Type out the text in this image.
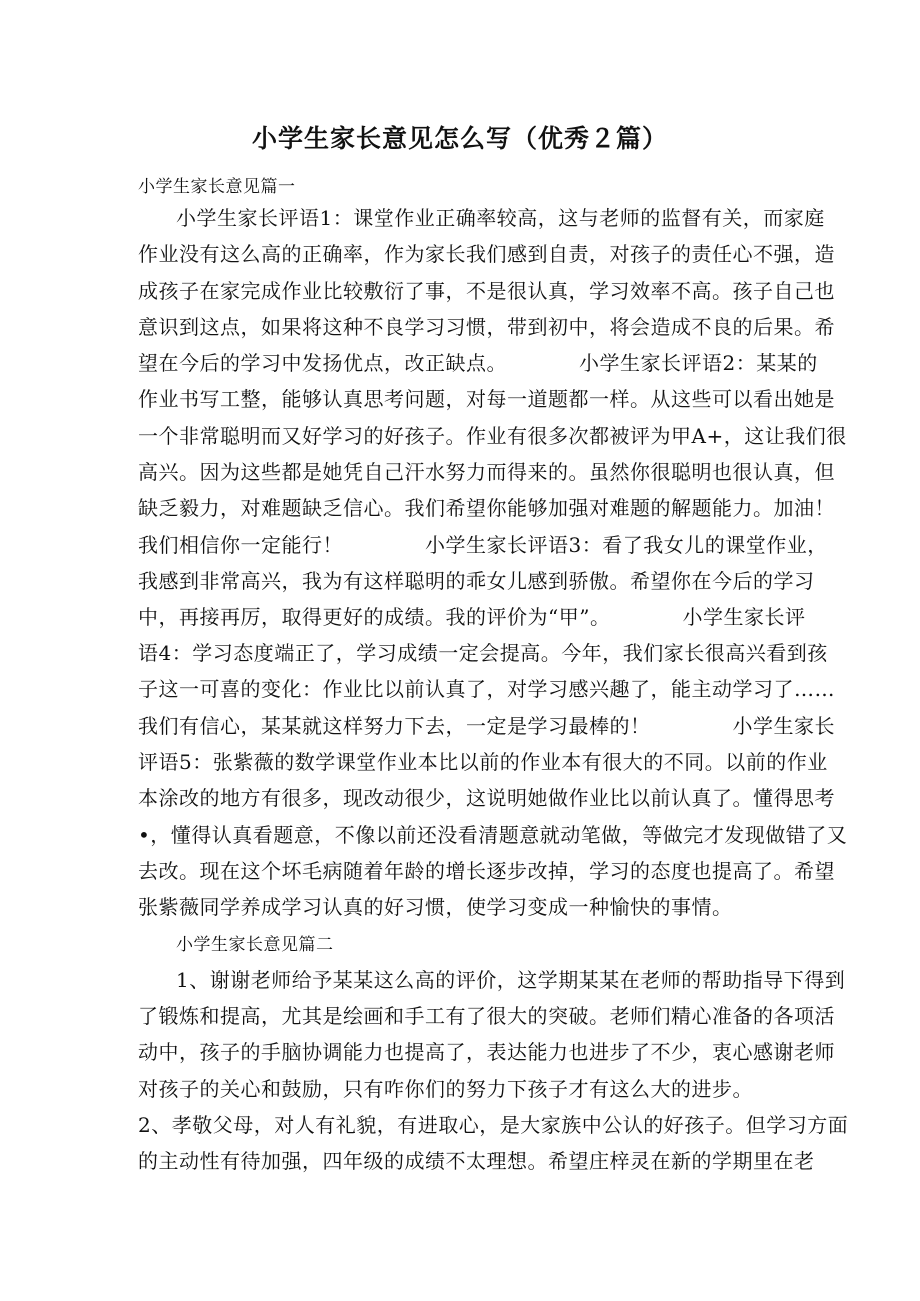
小学生家长意见怎么写（优秀２篇）
小学生家长意见篇一
小学生家长评语1：课堂作业正确率较高，这与老师的监督有关，而家庭
作业没有这么高的正确率，作为家长我们感到自责，对孩子的责任心不强，造
成孩子在家完成作业比较敷衍了事，不是很认真，学习效率不高。孩子自己也
意识到这点，如果将这种不良学习习惯，带到初中，将会造成不良的后果。希
望在今后的学习中发扬优点，改正缺点。　　　　小学生家长评语2：某某的
作业书写工整，能够认真思考问题，对每一道题都一样。从这些可以看出她是
一个非常聪明而又好学习的好孩子。作业有很多次都被评为甲A+，这让我们很
高兴。因为这些都是她凭自己汗水努力而得来的。虽然你很聪明也很认真，但
缺乏毅力，对难题缺乏信心。我们希望你能够加强对难题的解题能力。加油！
我们相信你一定能行！　　　　小学生家长评语3：看了我女儿的课堂作业，
我感到非常高兴，我为有这样聪明的乖女儿感到骄傲。希望你在今后的学习
中，再接再厉，取得更好的成绩。我的评价为“甲”。　　　　小学生家长评
语4：学习态度端正了，学习成绩一定会提高。今年，我们家长很高兴看到孩
子这一可喜的变化：作业比以前认真了，对学习感兴趣了，能主动学习了……
我们有信心，某某就这样努力下去，一定是学习最棒的！　　　　小学生家长
评语5：张紫薇的数学课堂作业本比以前的作业本有很大的不同。以前的作业
本涂改的地方有很多，现改动很少，这说明她做作业比以前认真了。懂得思考
•，懂得认真看题意，不像以前还没看清题意就动笔做，等做完才发现做错了又
去改。现在这个坏毛病随着年龄的增长逐步改掉，学习的态度也提高了。希望
张紫薇同学养成学习认真的好习惯，使学习变成一种愉快的事情。
小学生家长意见篇二
1、谢谢老师给予某某这么高的评价，这学期某某在老师的帮助指导下得到
了锻炼和提高，尤其是绘画和手工有了很大的突破。老师们精心准备的各项活
动中，孩子的手脑协调能力也提高了，表达能力也进步了不少，衷心感谢老师
对孩子的关心和鼓励，只有咋你们的努力下孩子才有这么大的进步。
2、孝敬父母，对人有礼貌，有进取心，是大家族中公认的好孩子。但学习方面
的主动性有待加强，四年级的成绩不太理想。希望庄梓灵在新的学期里在老
